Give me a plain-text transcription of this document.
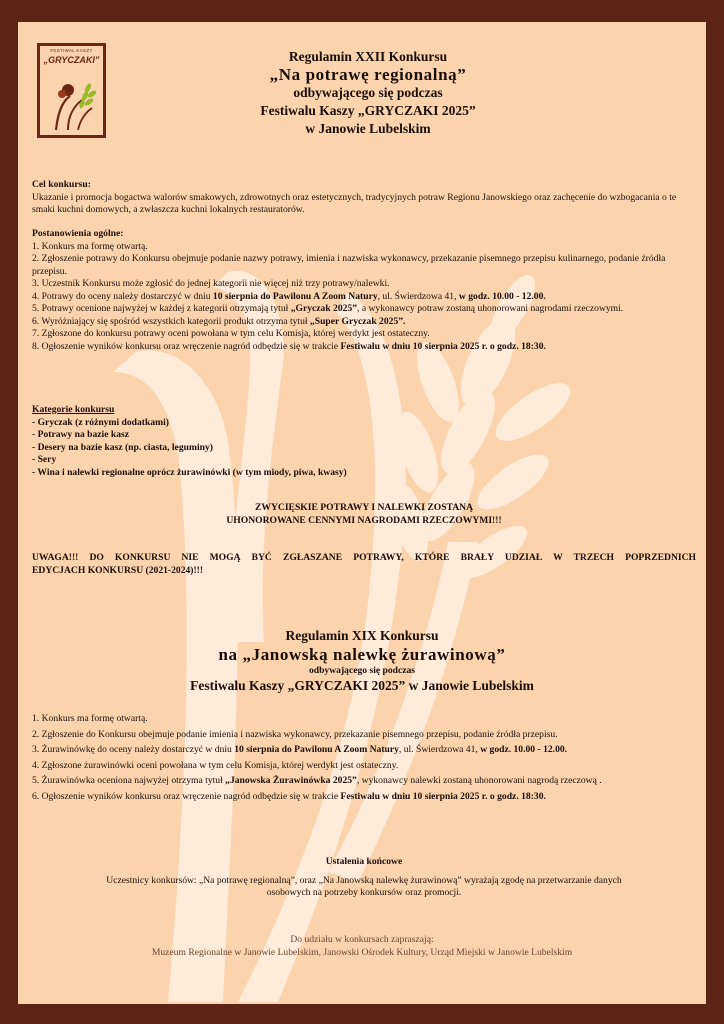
FESTIWAL KASZY
„GRYCZAKI”	Regulamin XXII Konkursu
„Na potrawę regionalną”
odbywającego się podczas
Festiwalu Kaszy „GRYCZAKI 2025”
w Janowie Lubelskim
Cel konkursu:
Ukazanie i promocja bogactwa walorów smakowych, zdrowotnych oraz estetycznych, tradycyjnych potraw Regionu Janowskiego oraz zachęcenie do wzbogacania o te smaki kuchni domowych, a zwłaszcza kuchni lokalnych restauratorów.
Postanowienia ogólne:
1. Konkurs ma formę otwartą.
2. Zgłoszenie potrawy do Konkursu obejmuje podanie nazwy potrawy, imienia i nazwiska wykonawcy, przekazanie pisemnego przepisu kulinarnego, podanie źródła przepisu.
3. Uczestnik Konkursu może zgłosić do jednej kategorii nie więcej niż trzy potrawy/nalewki.
4. Potrawy do oceny należy dostarczyć w dniu 10 sierpnia do Pawilonu A Zoom Natury, ul. Świerdzowa 41, w godz. 10.00 - 12.00.
5. Potrawy ocenione najwyżej w każdej z kategorii otrzymają tytuł „Gryczak 2025”, a wykonawcy potraw zostaną uhonorowani nagrodami rzeczowymi.
6. Wyróżniający się spośród wszystkich kategorii produkt otrzyma tytuł „Super Gryczak 2025”.
7. Zgłoszone do konkursu potrawy oceni powołana w tym celu Komisja, której werdykt jest ostateczny.
8. Ogłoszenie wyników konkursu oraz wręczenie nagród odbędzie się w trakcie Festiwalu w dniu 10 sierpnia 2025 r. o godz. 18:30.
Kategorie konkursu
- Gryczak (z różnymi dodatkami)
- Potrawy na bazie kasz
- Desery na bazie kasz (np. ciasta, leguminy)
- Sery
- Wina i nalewki regionalne oprócz żurawinówki (w tym miody, piwa, kwasy)
ZWYCIĘSKIE POTRAWY I NALEWKI ZOSTANĄ
UHONOROWANE CENNYMI NAGRODAMI RZECZOWYMI!!!
UWAGA!!! DO KONKURSU NIE MOGĄ BYĆ ZGŁASZANE POTRAWY, KTÓRE BRAŁY UDZIAŁ W TRZECH POPRZEDNICH
EDYCJACH KONKURSU (2021-2024)!!!
Regulamin XIX Konkursu
na „Janowską nalewkę żurawinową”
odbywającego się podczas
Festiwalu Kaszy „GRYCZAKI 2025” w Janowie Lubelskim
1. Konkurs ma formę otwartą.
2. Zgłoszenie do Konkursu obejmuje podanie imienia i nazwiska wykonawcy, przekazanie pisemnego przepisu, podanie źródła przepisu.
3. Żurawinówkę do oceny należy dostarczyć w dniu 10 sierpnia do Pawilonu A Zoom Natury, ul. Świerdzowa 41, w godz. 10.00 - 12.00.
4. Zgłoszone żurawinówki oceni powołana w tym celu Komisja, której werdykt jest ostateczny.
5. Żurawinówka oceniona najwyżej otrzyma tytuł „Janowska Żurawinówka 2025”, wykonawcy nalewki zostaną uhonorowani nagrodą rzeczową .
6. Ogłoszenie wyników konkursu oraz wręczenie nagród odbędzie się w trakcie Festiwalu w dniu 10 sierpnia 2025 r. o godz. 18:30.
Ustalenia końcowe
Uczestnicy konkursów: „Na potrawę regionalną”, oraz „Na Janowską nalewkę żurawinową” wyrażają zgodę na przetwarzanie danych
osobowych na potrzeby konkursów oraz promocji.
Do udziału w konkursach zapraszają:
Muzeum Regionalne w Janowie Lubelskim, Janowski Ośrodek Kultury, Urząd Miejski w Janowie Lubelskim
